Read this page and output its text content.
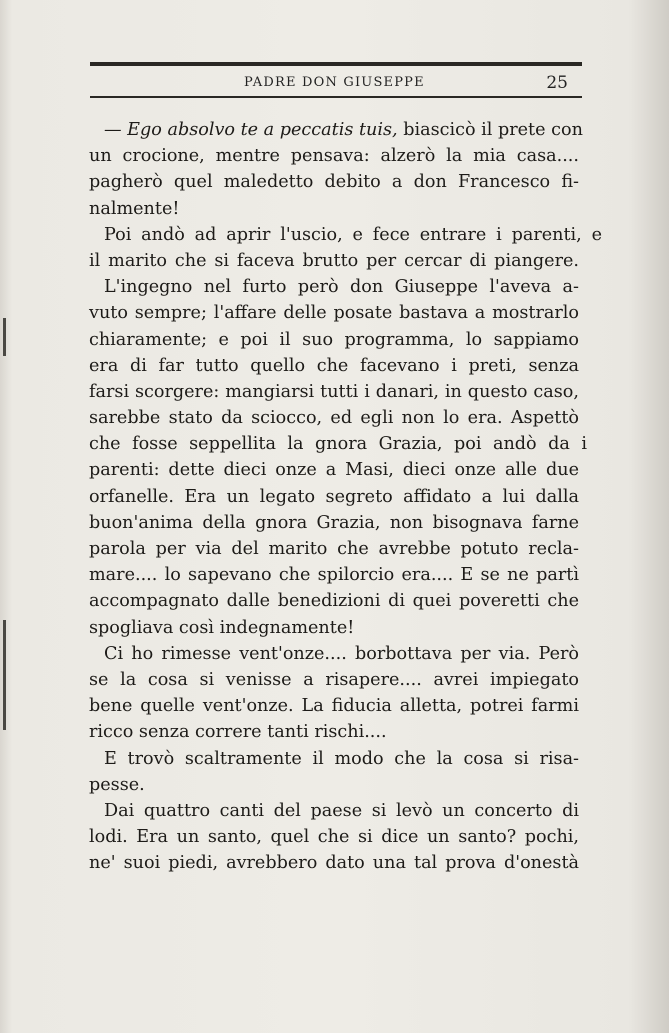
PADRE DON GIUSEPPE	25
— Ego absolvo te a peccatis tuis, biascicò il prete con
un crocione, mentre pensava: alzerò la mia casa....
pagherò quel maledetto debito a don Francesco fi-
nalmente!
Poi andò ad aprir l'uscio, e fece entrare i parenti, e
il marito che si faceva brutto per cercar di piangere.
L'ingegno nel furto però don Giuseppe l'aveva a-
vuto sempre; l'affare delle posate bastava a mostrarlo
chiaramente; e poi il suo programma, lo sappiamo
era di far tutto quello che facevano i preti, senza
farsi scorgere: mangiarsi tutti i danari, in questo caso,
sarebbe stato da sciocco, ed egli non lo era. Aspettò
che fosse seppellita la gnora Grazia, poi andò da i
parenti: dette dieci onze a Masi, dieci onze alle due
orfanelle. Era un legato segreto affidato a lui dalla
buon'anima della gnora Grazia, non bisognava farne
parola per via del marito che avrebbe potuto recla-
mare.... lo sapevano che spilorcio era.... E se ne partì
accompagnato dalle benedizioni di quei poveretti che
spogliava così indegnamente!
Ci ho rimesse vent'onze.... borbottava per via. Però
se la cosa si venisse a risapere.... avrei impiegato
bene quelle vent'onze. La fiducia alletta, potrei farmi
ricco senza correre tanti rischi....
E trovò scaltramente il modo che la cosa si risa-
pesse.
Dai quattro canti del paese si levò un concerto di
lodi. Era un santo, quel che si dice un santo? pochi,
ne' suoi piedi, avrebbero dato una tal prova d'onestà
